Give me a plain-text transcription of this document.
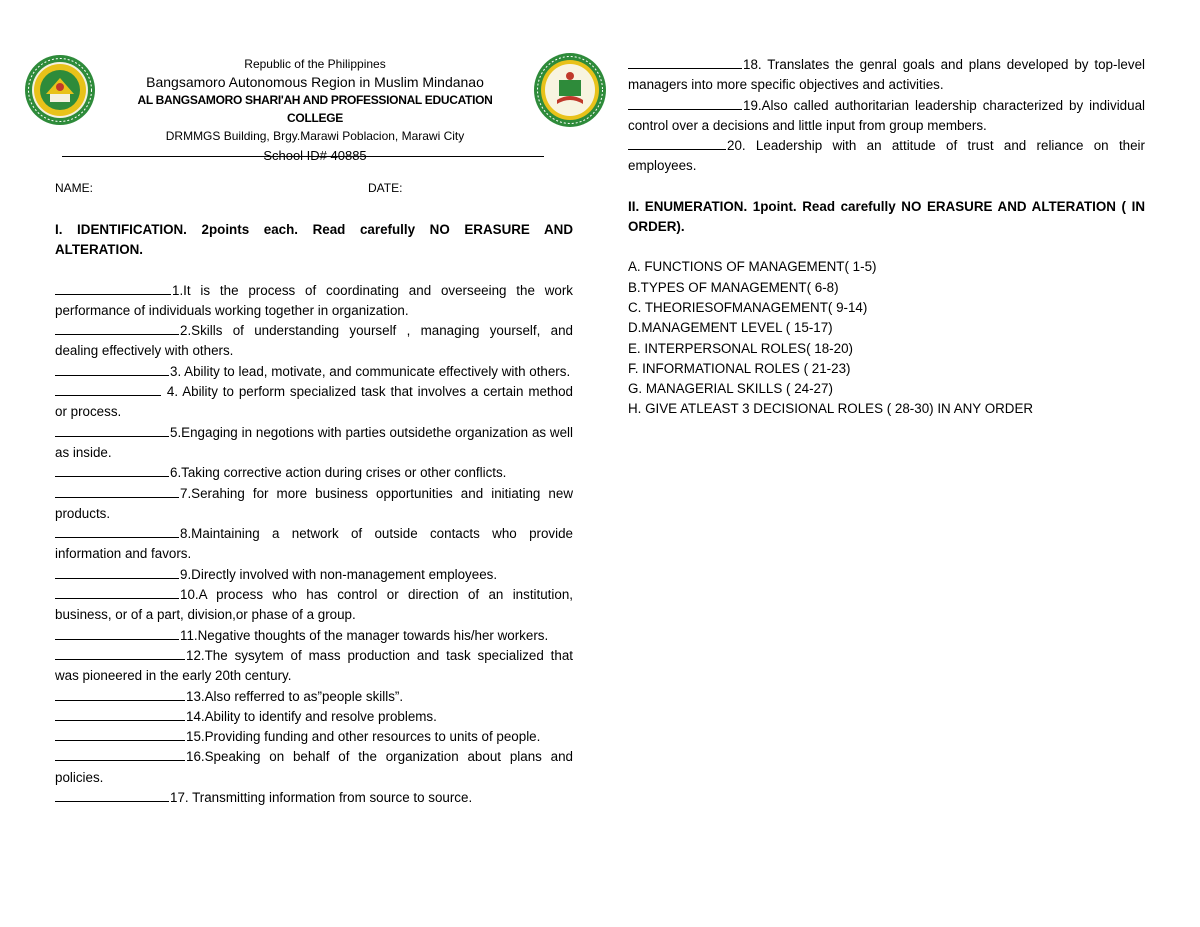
Republic of the Philippines
Bangsamoro Autonomous Region in Muslim Mindanao
AL BANGSAMORO SHARI'AH AND PROFESSIONAL EDUCATION COLLEGE
DRMMGS Building, Brgy.Marawi Poblacion, Marawi City
School ID# 40885
NAME:	DATE:

I. IDENTIFICATION. 2points each. Read carefully NO ERASURE AND ALTERATION.

1.It is the process of coordinating and overseeing the work performance of individuals working together in organization.

2.Skills of understanding yourself , managing yourself, and dealing effectively with others.

3. Ability to lead, motivate, and communicate effectively with others.

4. Ability to perform specialized task that involves a certain method or process.

5.Engaging in negotions with parties outsidethe organization as well as inside.

6.Taking corrective action during crises or other conflicts.

7.Serahing for more business opportunities and initiating new products.

8.Maintaining a network of outside contacts who provide information and favors.

9.Directly involved with non-management employees.

10.A process who has control or direction of an institution, business, or of a part, division,or phase of a group.

11.Negative thoughts of the manager towards his/her workers.

12.The sysytem of mass production and task specialized that was pioneered in the early 20th century.

13.Also refferred to as”people skills”.

14.Ability to identify and resolve problems.

15.Providing funding and other resources to units of people.

16.Speaking on behalf of the organization about plans and policies.

17. Transmitting information from source to source.

18. Translates the genral goals and plans developed by top-level managers into more specific objectives and activities.

19.Also called authoritarian leadership characterized by individual control over a decisions and little input from group members.

20. Leadership with an attitude of trust and reliance on their employees.

II. ENUMERATION. 1point. Read carefully NO ERASURE AND ALTERATION ( IN ORDER).

A. FUNCTIONS OF MANAGEMENT( 1-5)

B.TYPES OF MANAGEMENT( 6-8)

C. THEORIESOFMANAGEMENT( 9-14)

D.MANAGEMENT LEVEL ( 15-17)

E. INTERPERSONAL ROLES( 18-20)

F. INFORMATIONAL ROLES ( 21-23)

G. MANAGERIAL SKILLS ( 24-27)

H. GIVE ATLEAST 3 DECISIONAL ROLES ( 28-30) IN ANY ORDER
